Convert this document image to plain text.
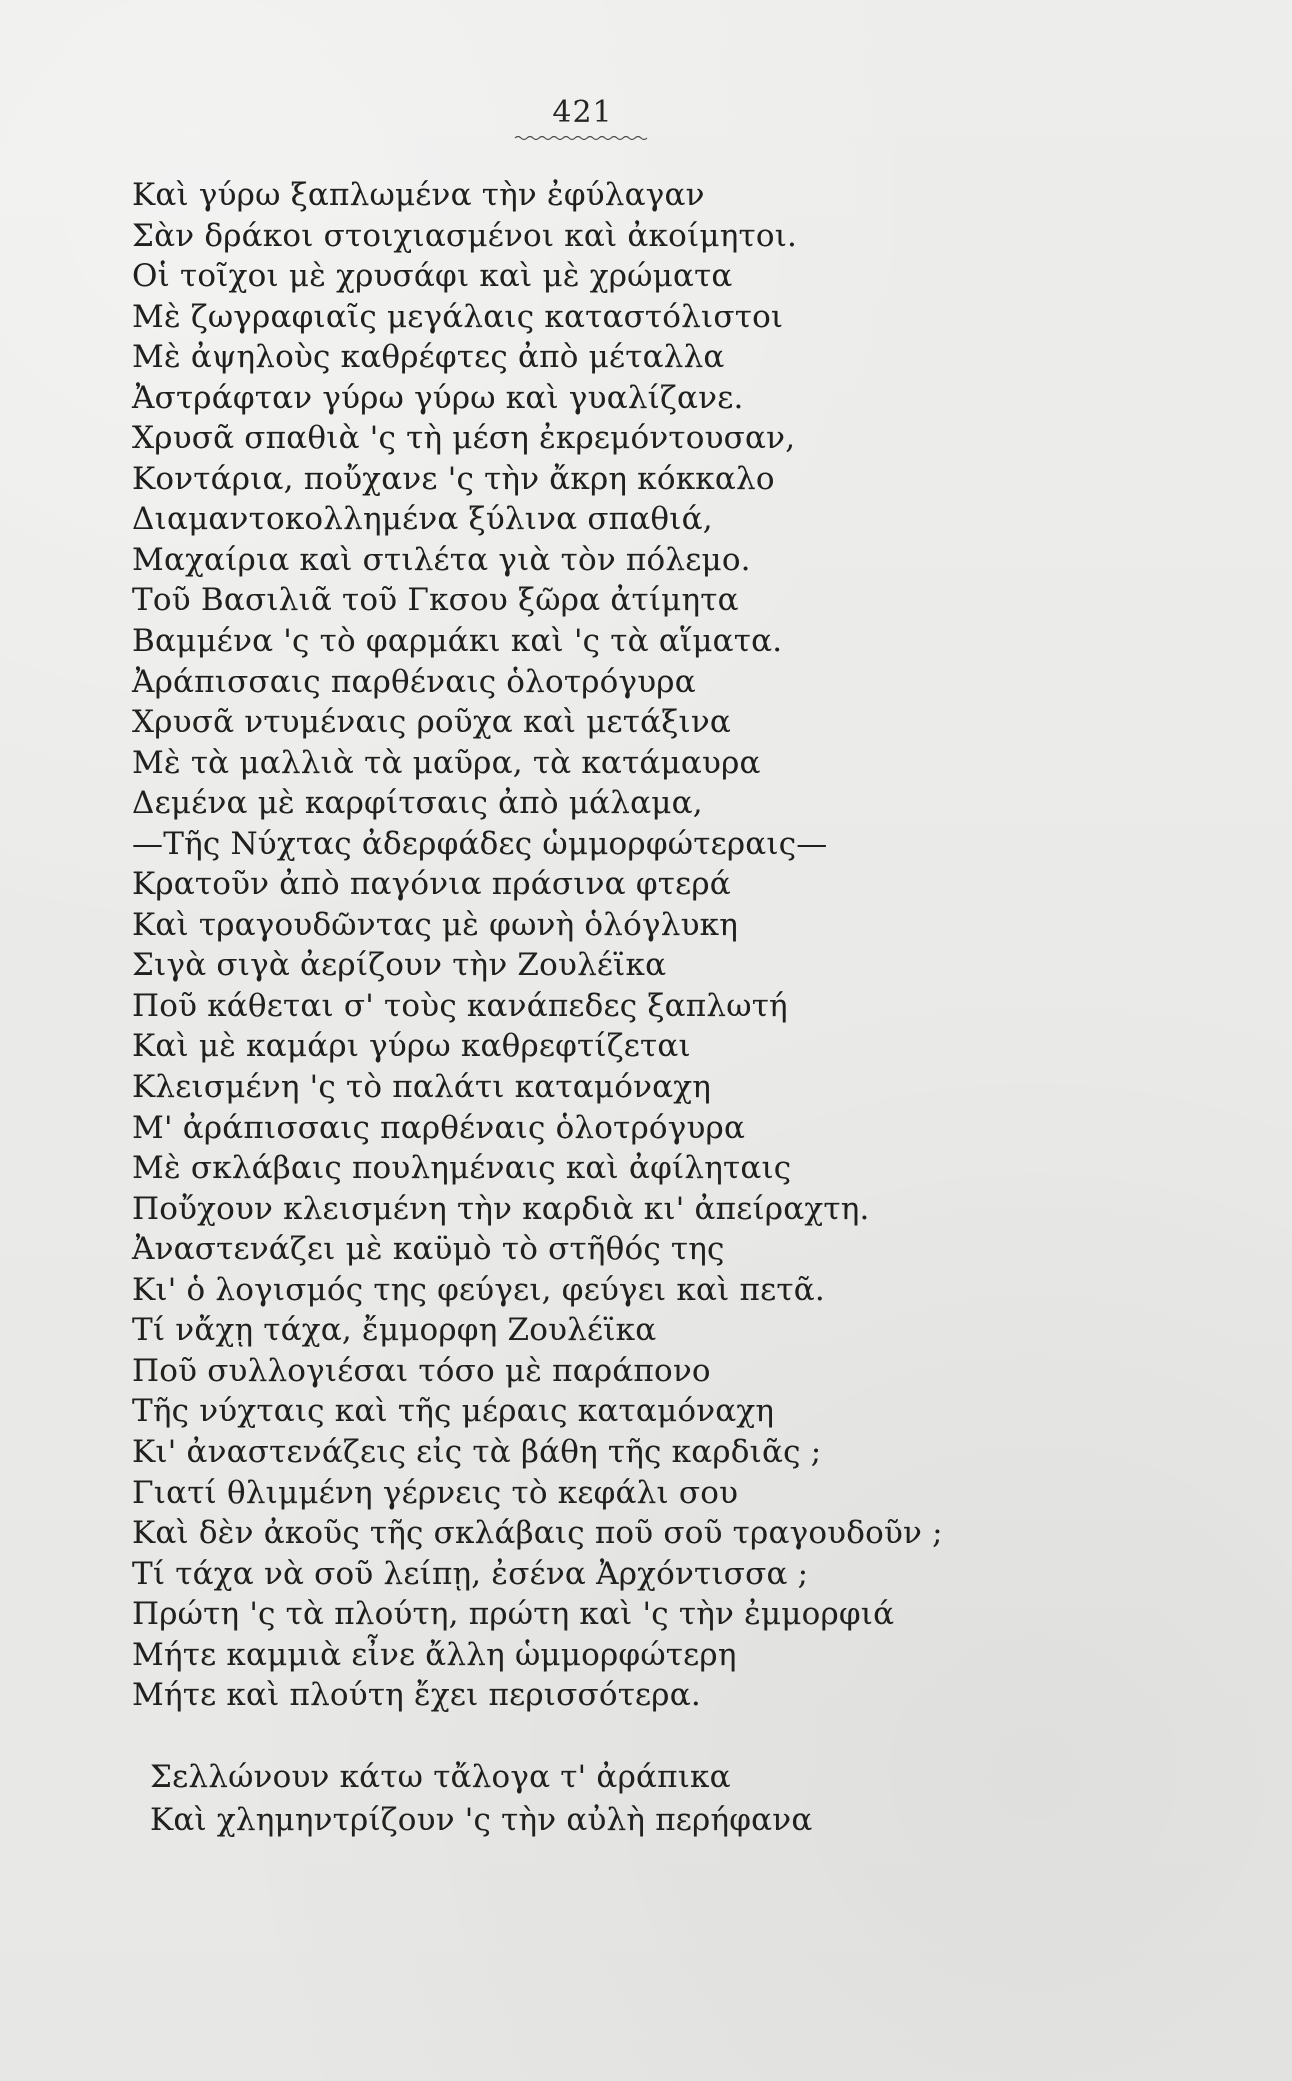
421
Καὶ γύρω ξαπλωμένα τὴν ἐφύλαγαν
Σὰν δράκοι στοιχιασμένοι καὶ ἀκοίμητοι.
Οἱ τοῖχοι μὲ χρυσάφι καὶ μὲ χρώματα
Μὲ ζωγραφιαῖς μεγάλαις καταστόλιστοι
Μὲ ἀψηλοὺς καθρέφτες ἀπὸ μέταλλα
Ἀστράφταν γύρω γύρω καὶ γυαλίζανε.
Χρυσᾶ σπαθιὰ 'ς τὴ μέση ἐκρεμόντουσαν,
Κοντάρια, ποὔχανε 'ς τὴν ἄκρη κόκκαλο
Διαμαντοκολλημένα ξύλινα σπαθιά,
Μαχαίρια καὶ στιλέτα γιὰ τὸν πόλεμο.
Τοῦ Βασιλιᾶ τοῦ Γκσου ξῶρα ἀτίμητα
Βαμμένα 'ς τὸ φαρμάκι καὶ 'ς τὰ αἵματα.
Ἀράπισσαις παρθέναις ὁλοτρόγυρα
Χρυσᾶ ντυμέναις ροῦχα καὶ μετάξινα
Μὲ τὰ μαλλιὰ τὰ μαῦρα, τὰ κατάμαυρα
Δεμένα μὲ καρφίτσαις ἀπὸ μάλαμα,
—Τῆς Νύχτας ἀδερφάδες ὡμμορφώτεραις—
Κρατοῦν ἀπὸ παγόνια πράσινα φτερά
Καὶ τραγουδῶντας μὲ φωνὴ ὁλόγλυκη
Σιγὰ σιγὰ ἀερίζουν τὴν Ζουλέϊκα
Ποῦ κάθεται σ' τοὺς κανάπεδες ξαπλωτή
Καὶ μὲ καμάρι γύρω καθρεφτίζεται
Κλεισμένη 'ς τὸ παλάτι καταμόναχη
Μ' ἀράπισσαις παρθέναις ὁλοτρόγυρα
Μὲ σκλάβαις πουλημέναις καὶ ἀφίληταις
Ποὔχουν κλεισμένη τὴν καρδιὰ κι' ἀπείραχτη.
Ἀναστενάζει μὲ καϋμὸ τὸ στῆθός της
Κι' ὁ λογισμός της φεύγει, φεύγει καὶ πετᾶ.
Τί νἄχῃ τάχα, ἔμμορφη Ζουλέϊκα
Ποῦ συλλογιέσαι τόσο μὲ παράπονο
Τῆς νύχταις καὶ τῆς μέραις καταμόναχη
Κι' ἀναστενάζεις εἰς τὰ βάθη τῆς καρδιᾶς ;
Γιατί θλιμμένη γέρνεις τὸ κεφάλι σου
Καὶ δὲν ἀκοῦς τῆς σκλάβαις ποῦ σοῦ τραγουδοῦν ;
Τί τάχα νὰ σοῦ λείπῃ, ἐσένα Ἀρχόντισσα ;
Πρώτη 'ς τὰ πλούτη, πρώτη καὶ 'ς τὴν ἐμμορφιά
Μήτε καμμιὰ εἶνε ἄλλη ὡμμορφώτερη
Μήτε καὶ πλούτη ἔχει περισσότερα.
Σελλώνουν κάτω τἄλογα τ' ἀράπικα
Καὶ χλημηντρίζουν 'ς τὴν αὐλὴ περήφανα
